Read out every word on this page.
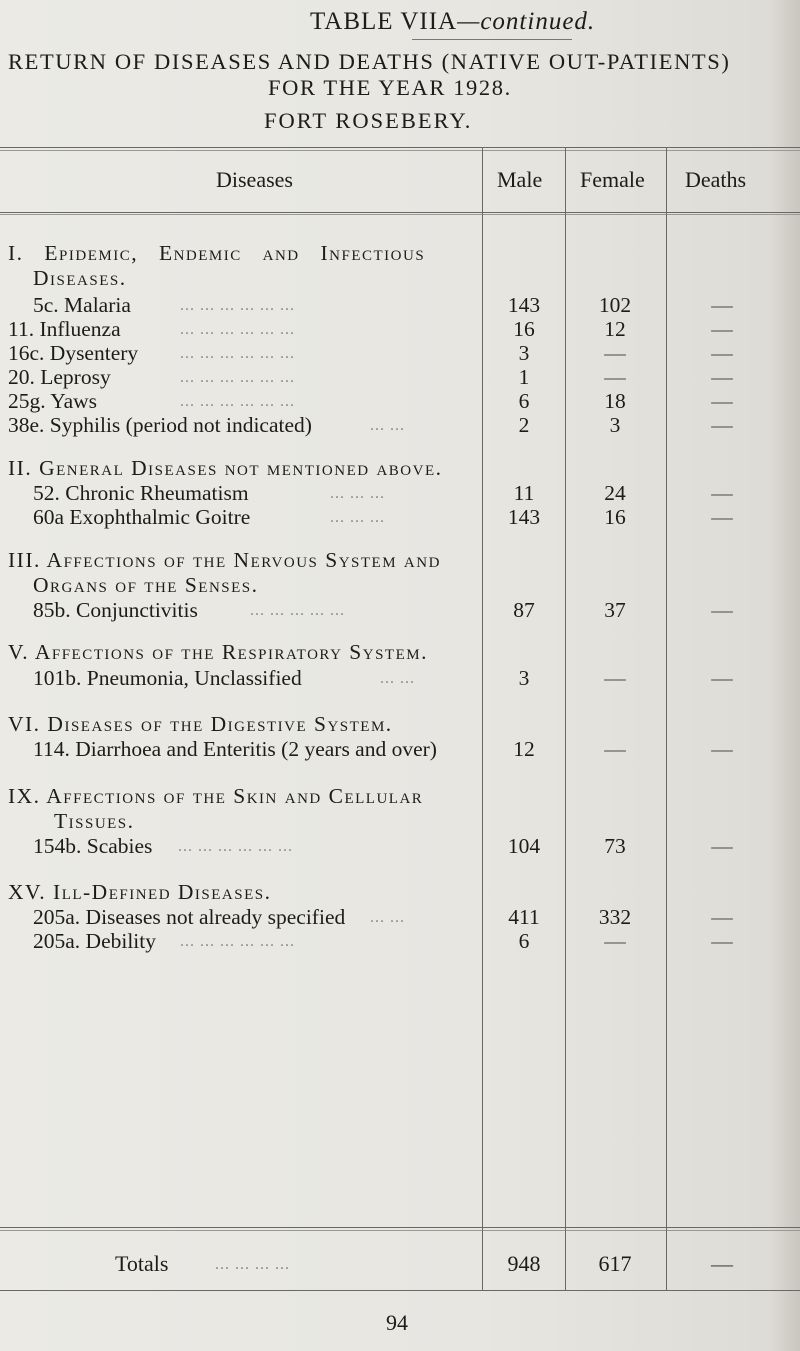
TABLE VIIA—continued.
RETURN OF DISEASES AND DEATHS (NATIVE OUT-PATIENTS)
FOR THE YEAR 1928.
FORT ROSEBERY.
Diseases	Male Female Deaths
I. Epidemic, Endemic and Infectious
Diseases.
5c. Malaria	... ... ... ... ... ...	143	102	—
11. Influenza	... ... ... ... ... ...	16	12	—
16c. Dysentery	... ... ... ... ... ...	3	—	—
20. Leprosy	... ... ... ... ... ...	1	—	—
25g. Yaws	... ... ... ... ... ...	6	18	—
38e. Syphilis (period not indicated)	... ...	2	3	—
II. General Diseases not mentioned above.
52. Chronic Rheumatism	... ... ...	11	24	—
60a Exophthalmic Goitre	... ... ...	143	16	—
III. Affections of the Nervous System and
Organs of the Senses.
85b. Conjunctivitis	... ... ... ... ...	87	37	—
V. Affections of the Respiratory System.
101b. Pneumonia, Unclassified	... ...	3	—	—
VI. Diseases of the Digestive System.
114. Diarrhoea and Enteritis (2 years and over)	12	—	—
IX. Affections of the Skin and Cellular
Tissues.
154b. Scabies ... ... ... ... ... ...	104	73	—
XV. Ill-Defined Diseases.
205a. Diseases not already specified ... ...	411	332	—
205a. Debility ... ... ... ... ... ...	6	—	—
Totals	... ... ... ...	948	617	—
94
